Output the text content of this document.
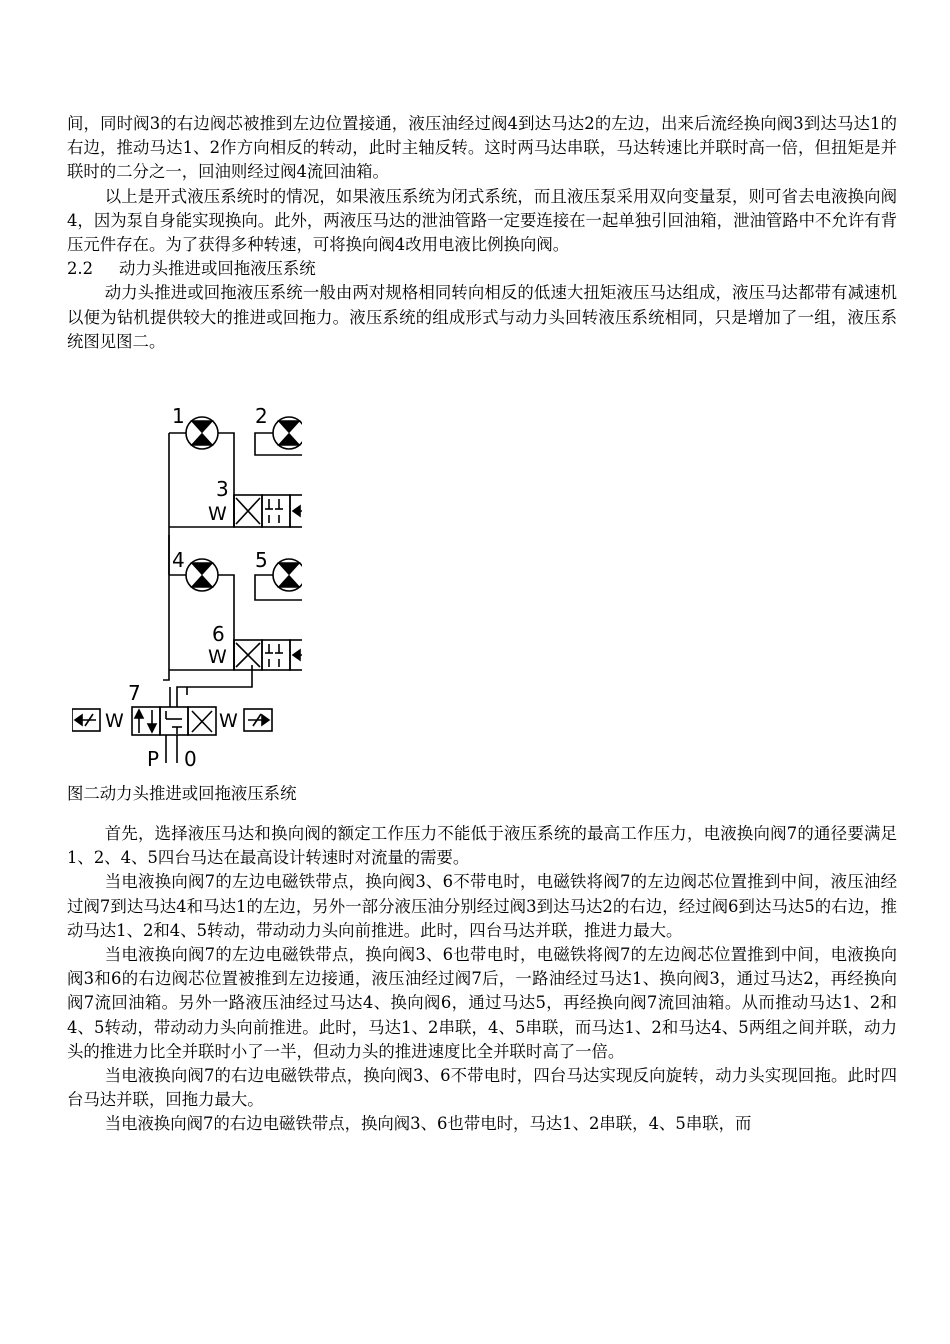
间，同时阀3的右边阀芯被推到左边位置接通，液压油经过阀4到达马达2的左边，出来后流经换向阀3到达马达1的右边，推动马达1、2作方向相反的转动，此时主轴反转。这时两马达串联，马达转速比并联时高一倍，但扭矩是并联时的二分之一，回油则经过阀4流回油箱。

以上是开式液压系统时的情况，如果液压系统为闭式系统，而且液压泵采用双向变量泵，则可省去电液换向阀4，因为泵自身能实现换向。此外，两液压马达的泄油管路一定要连接在一起单独引回油箱，泄油管路中不允许有背压元件存在。为了获得多种转速，可将换向阀4改用电液比例换向阀。

2.2 动力头推进或回拖液压系统

动力头推进或回拖液压系统一般由两对规格相同转向相反的低速大扭矩液压马达组成，液压马达都带有减速机以便为钻机提供较大的推进或回拖力。液压系统的组成形式与动力头回转液压系统相同，只是增加了一组，液压系统图见图二。

W
W
W	W
1	2
3
4	5
6
7
P 0

图二动力头推进或回拖液压系统

首先，选择液压马达和换向阀的额定工作压力不能低于液压系统的最高工作压力，电液换向阀7的通径要满足1、2、4、5四台马达在最高设计转速时对流量的需要。

当电液换向阀7的左边电磁铁带点，换向阀3、6不带电时，电磁铁将阀7的左边阀芯位置推到中间，液压油经过阀7到达马达4和马达1的左边，另外一部分液压油分别经过阀3到达马达2的右边，经过阀6到达马达5的右边，推动马达1、2和4、5转动，带动动力头向前推进。此时，四台马达并联，推进力最大。

当电液换向阀7的左边电磁铁带点，换向阀3、6也带电时，电磁铁将阀7的左边阀芯位置推到中间，电液换向阀3和6的右边阀芯位置被推到左边接通，液压油经过阀7后，一路油经过马达1、换向阀3，通过马达2，再经换向阀7流回油箱。另外一路液压油经过马达4、换向阀6，通过马达5，再经换向阀7流回油箱。从而推动马达1、2和4、5转动，带动动力头向前推进。此时，马达1、2串联，4、5串联，而马达1、2和马达4、5两组之间并联，动力头的推进力比全并联时小了一半，但动力头的推进速度比全并联时高了一倍。

当电液换向阀7的右边电磁铁带点，换向阀3、6不带电时，四台马达实现反向旋转，动力头实现回拖。此时四台马达并联，回拖力最大。

当电液换向阀7的右边电磁铁带点，换向阀3、6也带电时，马达1、2串联，4、5串联，而
